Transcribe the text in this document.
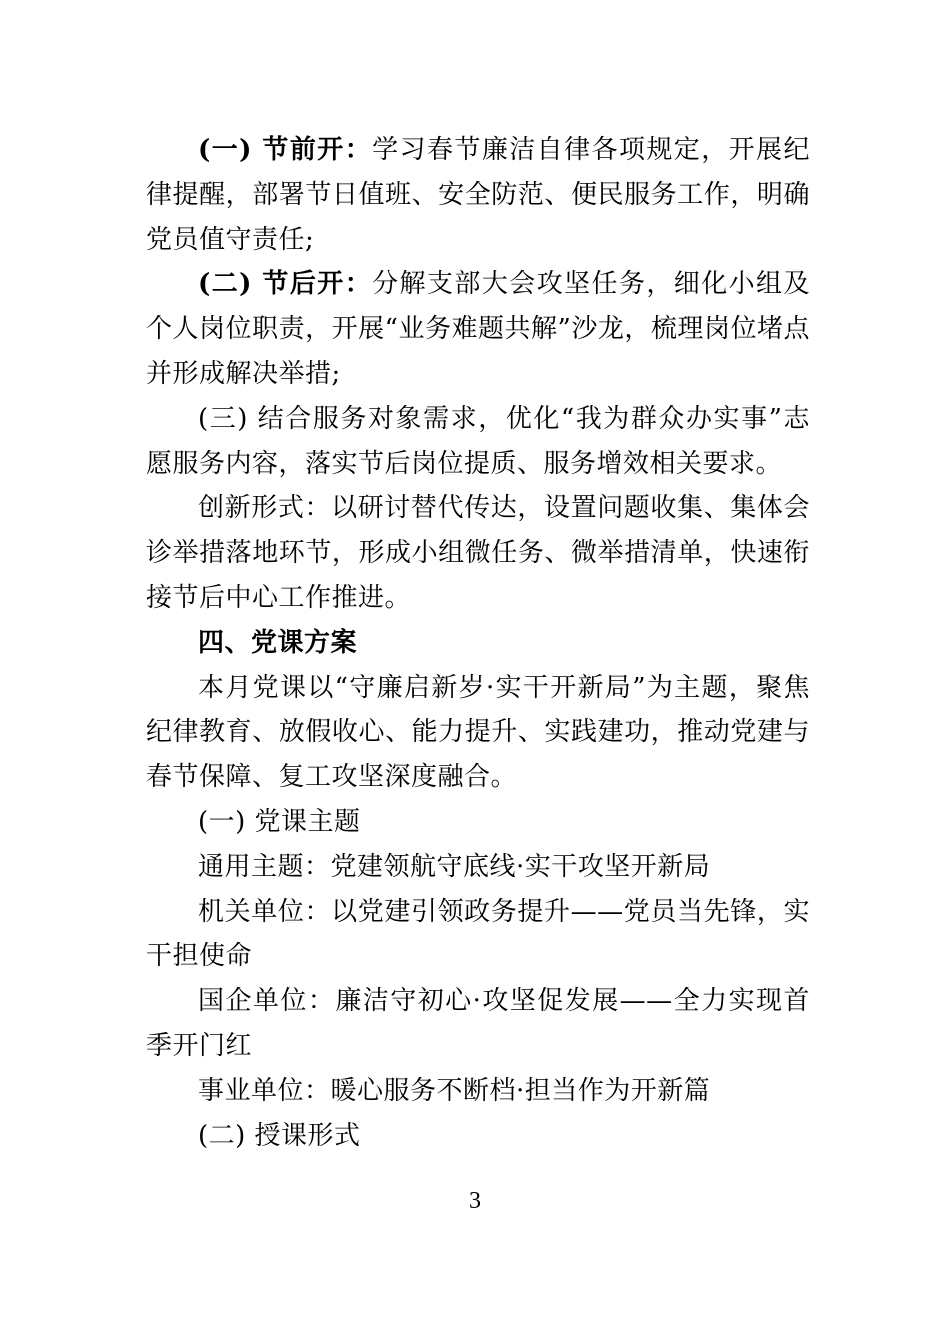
(一) 节前开：学习春节廉洁自律各项规定，开展纪律提醒，部署节日值班、安全防范、便民服务工作，明确党员值守责任;

(二) 节后开：分解支部大会攻坚任务，细化小组及个人岗位职责，开展“业务难题共解”沙龙，梳理岗位堵点并形成解决举措;

(三) 结合服务对象需求，优化“我为群众办实事”志愿服务内容，落实节后岗位提质、服务增效相关要求。

创新形式：以研讨替代传达，设置问题收集、集体会诊举措落地环节，形成小组微任务、微举措清单，快速衔接节后中心工作推进。

四、党课方案

本月党课以“守廉启新岁·实干开新局”为主题，聚焦纪律教育、放假收心、能力提升、实践建功，推动党建与春节保障、复工攻坚深度融合。

(一) 党课主题

通用主题：党建领航守底线·实干攻坚开新局

机关单位：以党建引领政务提升——党员当先锋，实干担使命

国企单位：廉洁守初心·攻坚促发展——全力实现首季开门红

事业单位：暖心服务不断档·担当作为开新篇

(二) 授课形式

3
